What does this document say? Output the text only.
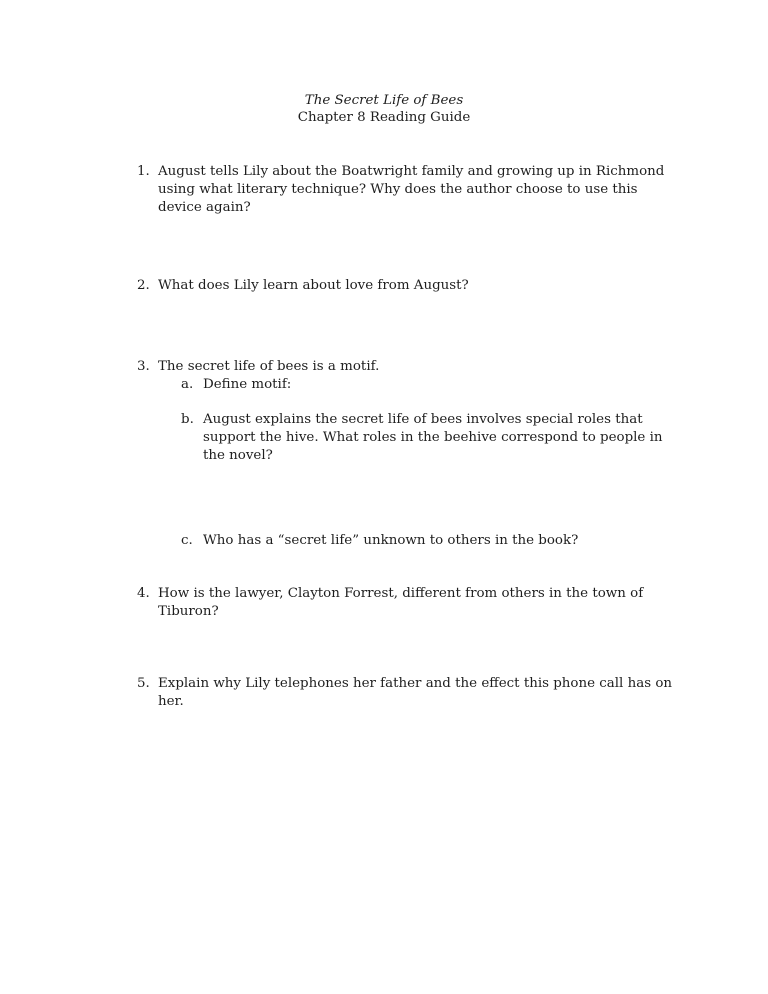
The Secret Life of Bees
Chapter 8 Reading Guide
1. August tells Lily about the Boatwright family and growing up in Richmond
using what literary technique? Why does the author choose to use this
device again?
2. What does Lily learn about love from August?
3. The secret life of bees is a motif.
a. Define motif:
b. August explains the secret life of bees involves special roles that
support the hive. What roles in the beehive correspond to people in
the novel?
c. Who has a “secret life” unknown to others in the book?
4. How is the lawyer, Clayton Forrest, different from others in the town of
Tiburon?
5. Explain why Lily telephones her father and the effect this phone call has on
her.
